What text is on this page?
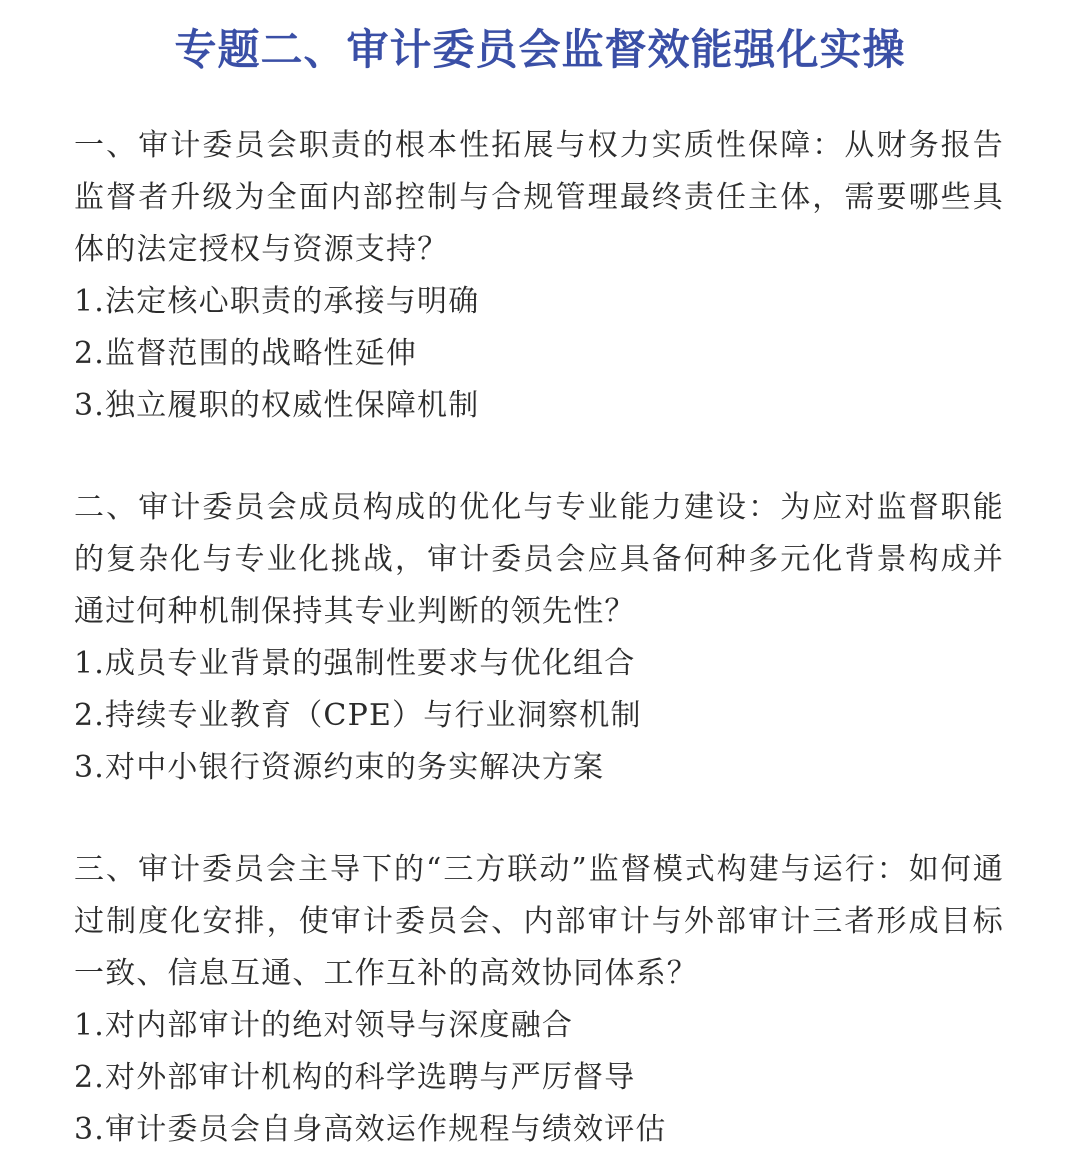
专题二、审计委员会监督效能强化实操

一、审计委员会职责的根本性拓展与权力实质性保障：从财务报告监督者升级为全面内部控制与合规管理最终责任主体，需要哪些具体的法定授权与资源支持？

1.法定核心职责的承接与明确

2.监督范围的战略性延伸

3.独立履职的权威性保障机制

二、审计委员会成员构成的优化与专业能力建设：为应对监督职能的复杂化与专业化挑战，审计委员会应具备何种多元化背景构成并通过何种机制保持其专业判断的领先性？

1.成员专业背景的强制性要求与优化组合

2.持续专业教育（CPE）与行业洞察机制

3.对中小银行资源约束的务实解决方案

三、审计委员会主导下的“三方联动”监督模式构建与运行：如何通过制度化安排，使审计委员会、内部审计与外部审计三者形成目标一致、信息互通、工作互补的高效协同体系？

1.对内部审计的绝对领导与深度融合

2.对外部审计机构的科学选聘与严厉督导

3.审计委员会自身高效运作规程与绩效评估
